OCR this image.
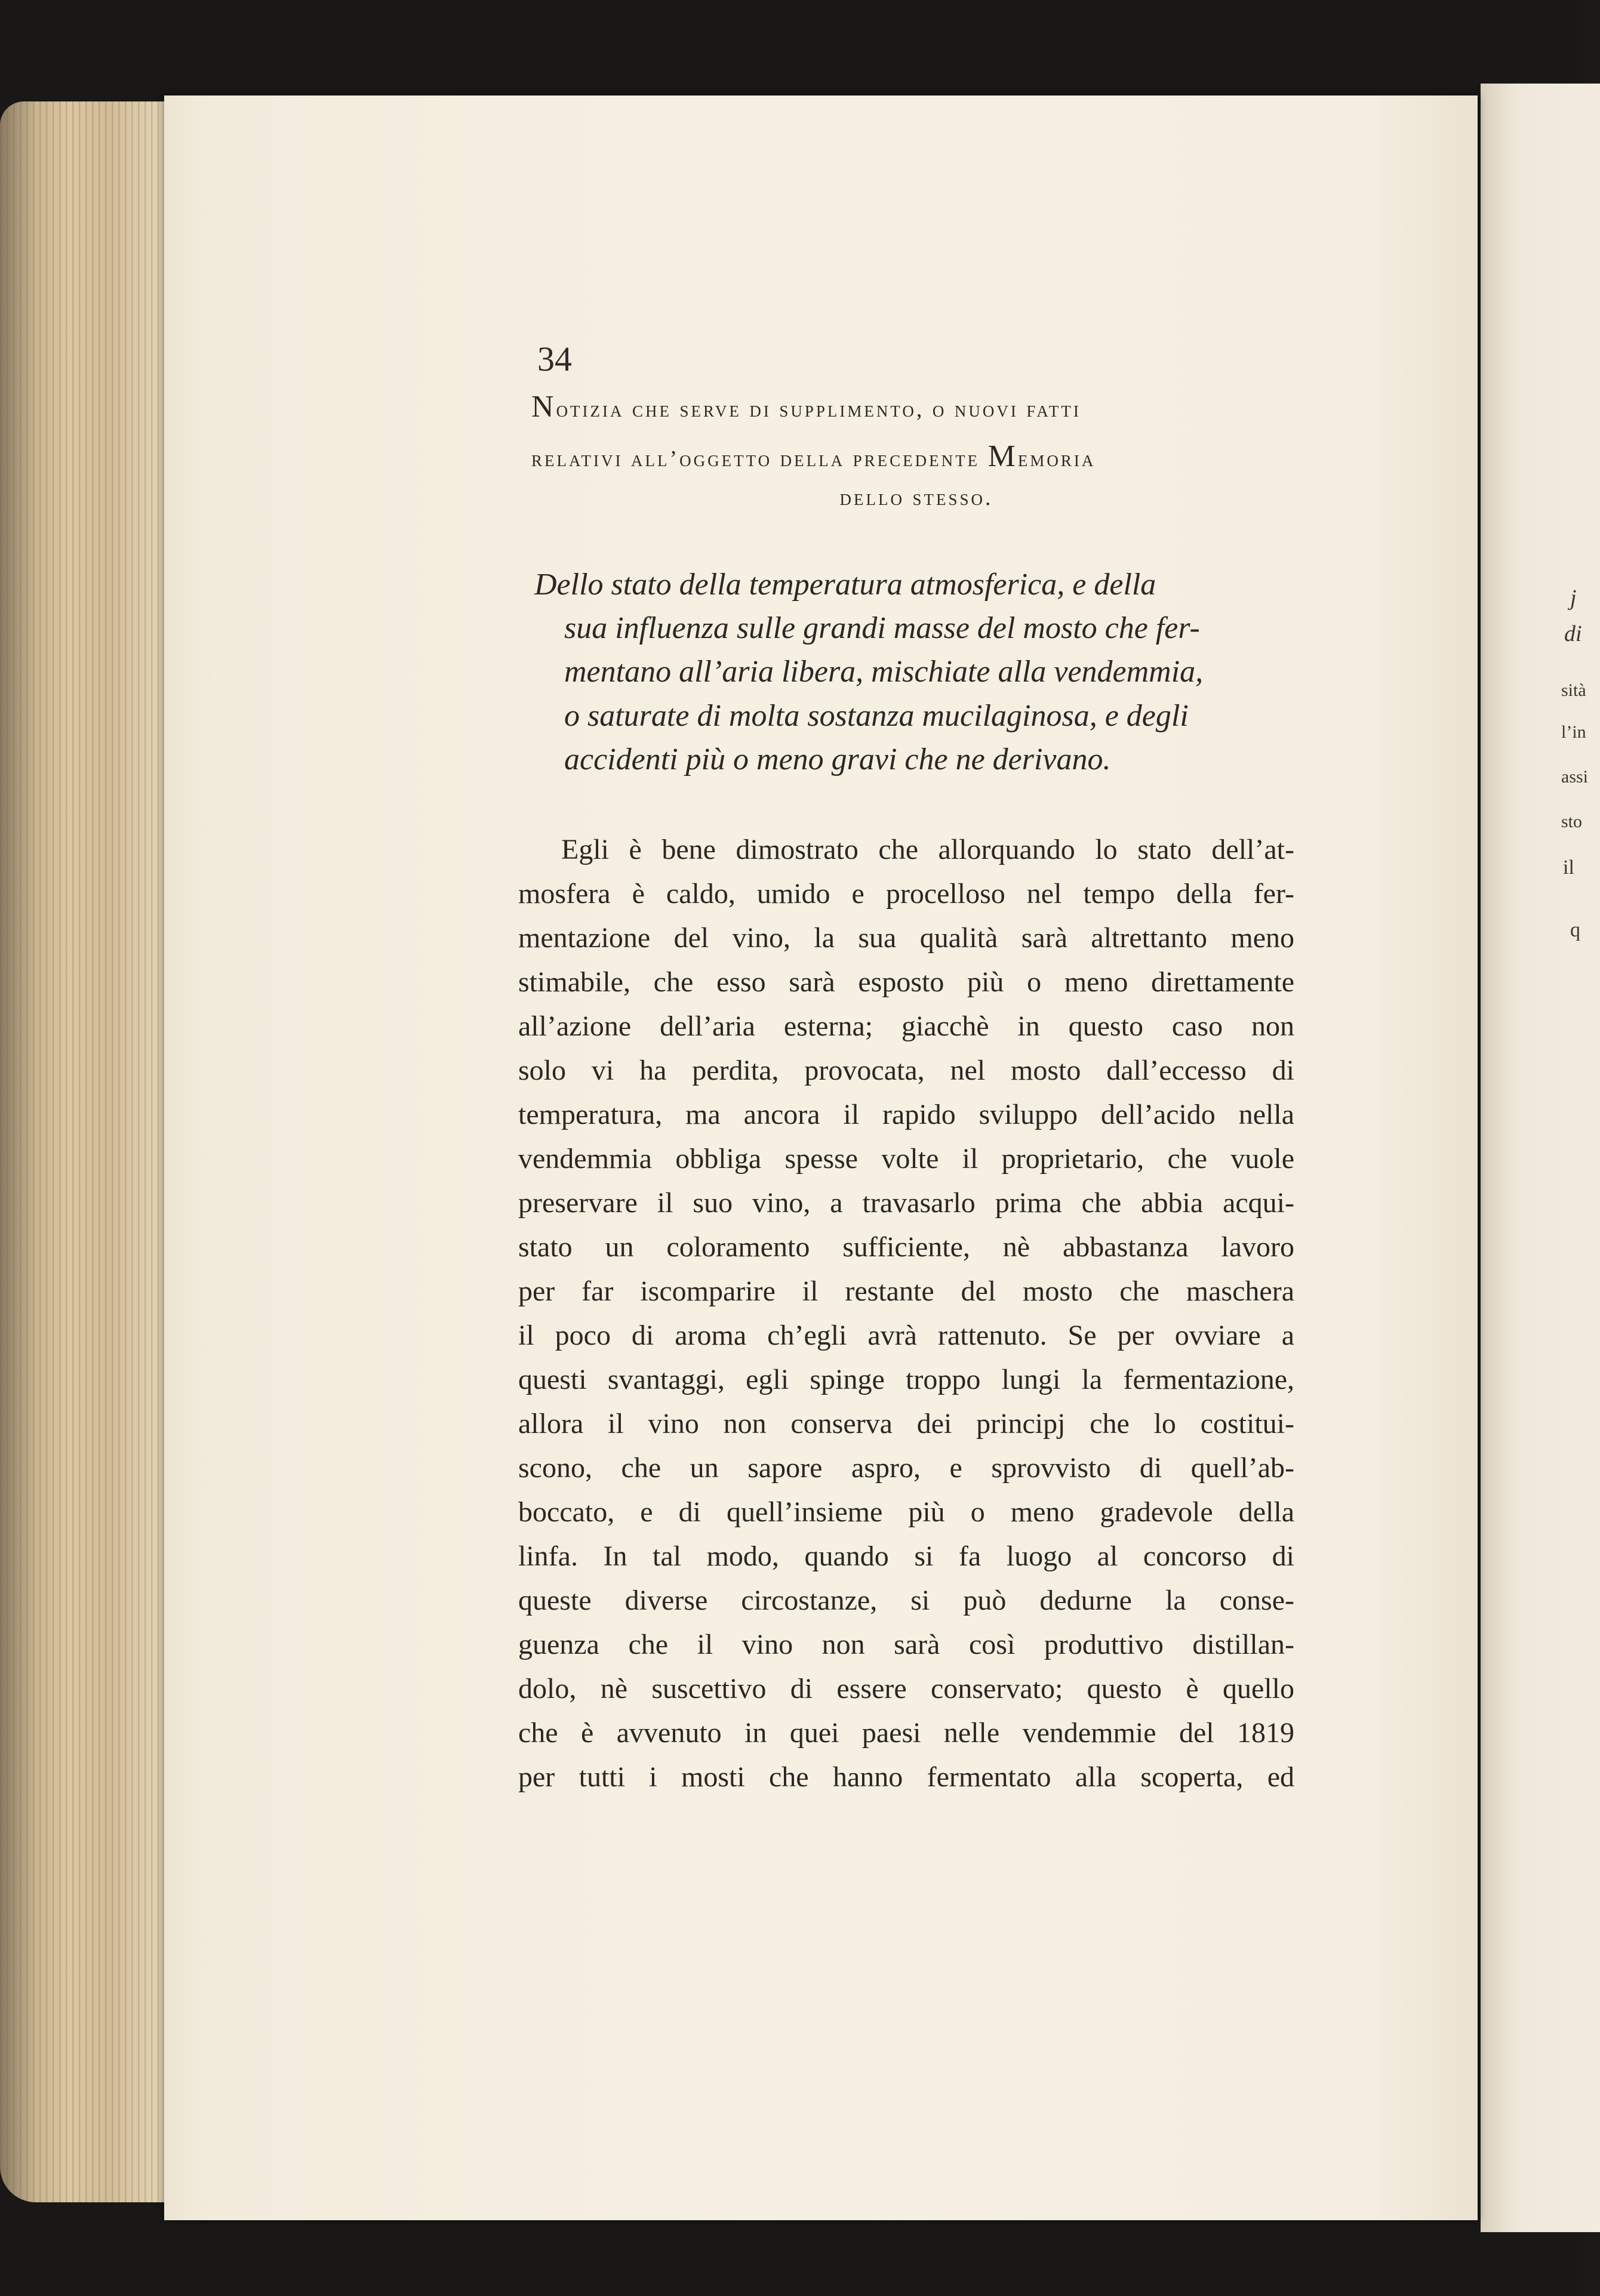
j
di
sità
l’in
assi
sto
il
q
34
Notizia che serve di supplimento, o nuovi fatti
relativi all’oggetto della precedente Memoria
dello stesso.
Dello stato della temperatura atmosferica, e della
sua influenza sulle grandi masse del mosto che fer-
mentano all’aria libera, mischiate alla vendemmia,
o saturate di molta sostanza mucilaginosa, e degli
accidenti più o meno gravi che ne derivano.
Egli è bene dimostrato che allorquando lo stato dell’at-
mosfera è caldo, umido e procelloso nel tempo della fer-
mentazione del vino, la sua qualità sarà altrettanto meno
stimabile, che esso sarà esposto più o meno direttamente
all’azione dell’aria esterna; giacchè in questo caso non
solo vi ha perdita, provocata, nel mosto dall’eccesso di
temperatura, ma ancora il rapido sviluppo dell’acido nella
vendemmia obbliga spesse volte il proprietario, che vuole
preservare il suo vino, a travasarlo prima che abbia acqui-
stato un coloramento sufficiente, nè abbastanza lavoro
per far iscomparire il restante del mosto che maschera
il poco di aroma ch’egli avrà rattenuto. Se per ovviare a
questi svantaggi, egli spinge troppo lungi la fermentazione,
allora il vino non conserva dei principj che lo costitui-
scono, che un sapore aspro, e sprovvisto di quell’ab-
boccato, e di quell’insieme più o meno gradevole della
linfa. In tal modo, quando si fa luogo al concorso di
queste diverse circostanze, si può dedurne la conse-
guenza che il vino non sarà così produttivo distillan-
dolo, nè suscettivo di essere conservato; questo è quello
che è avvenuto in quei paesi nelle vendemmie del 1819
per tutti i mosti che hanno fermentato alla scoperta, ed
